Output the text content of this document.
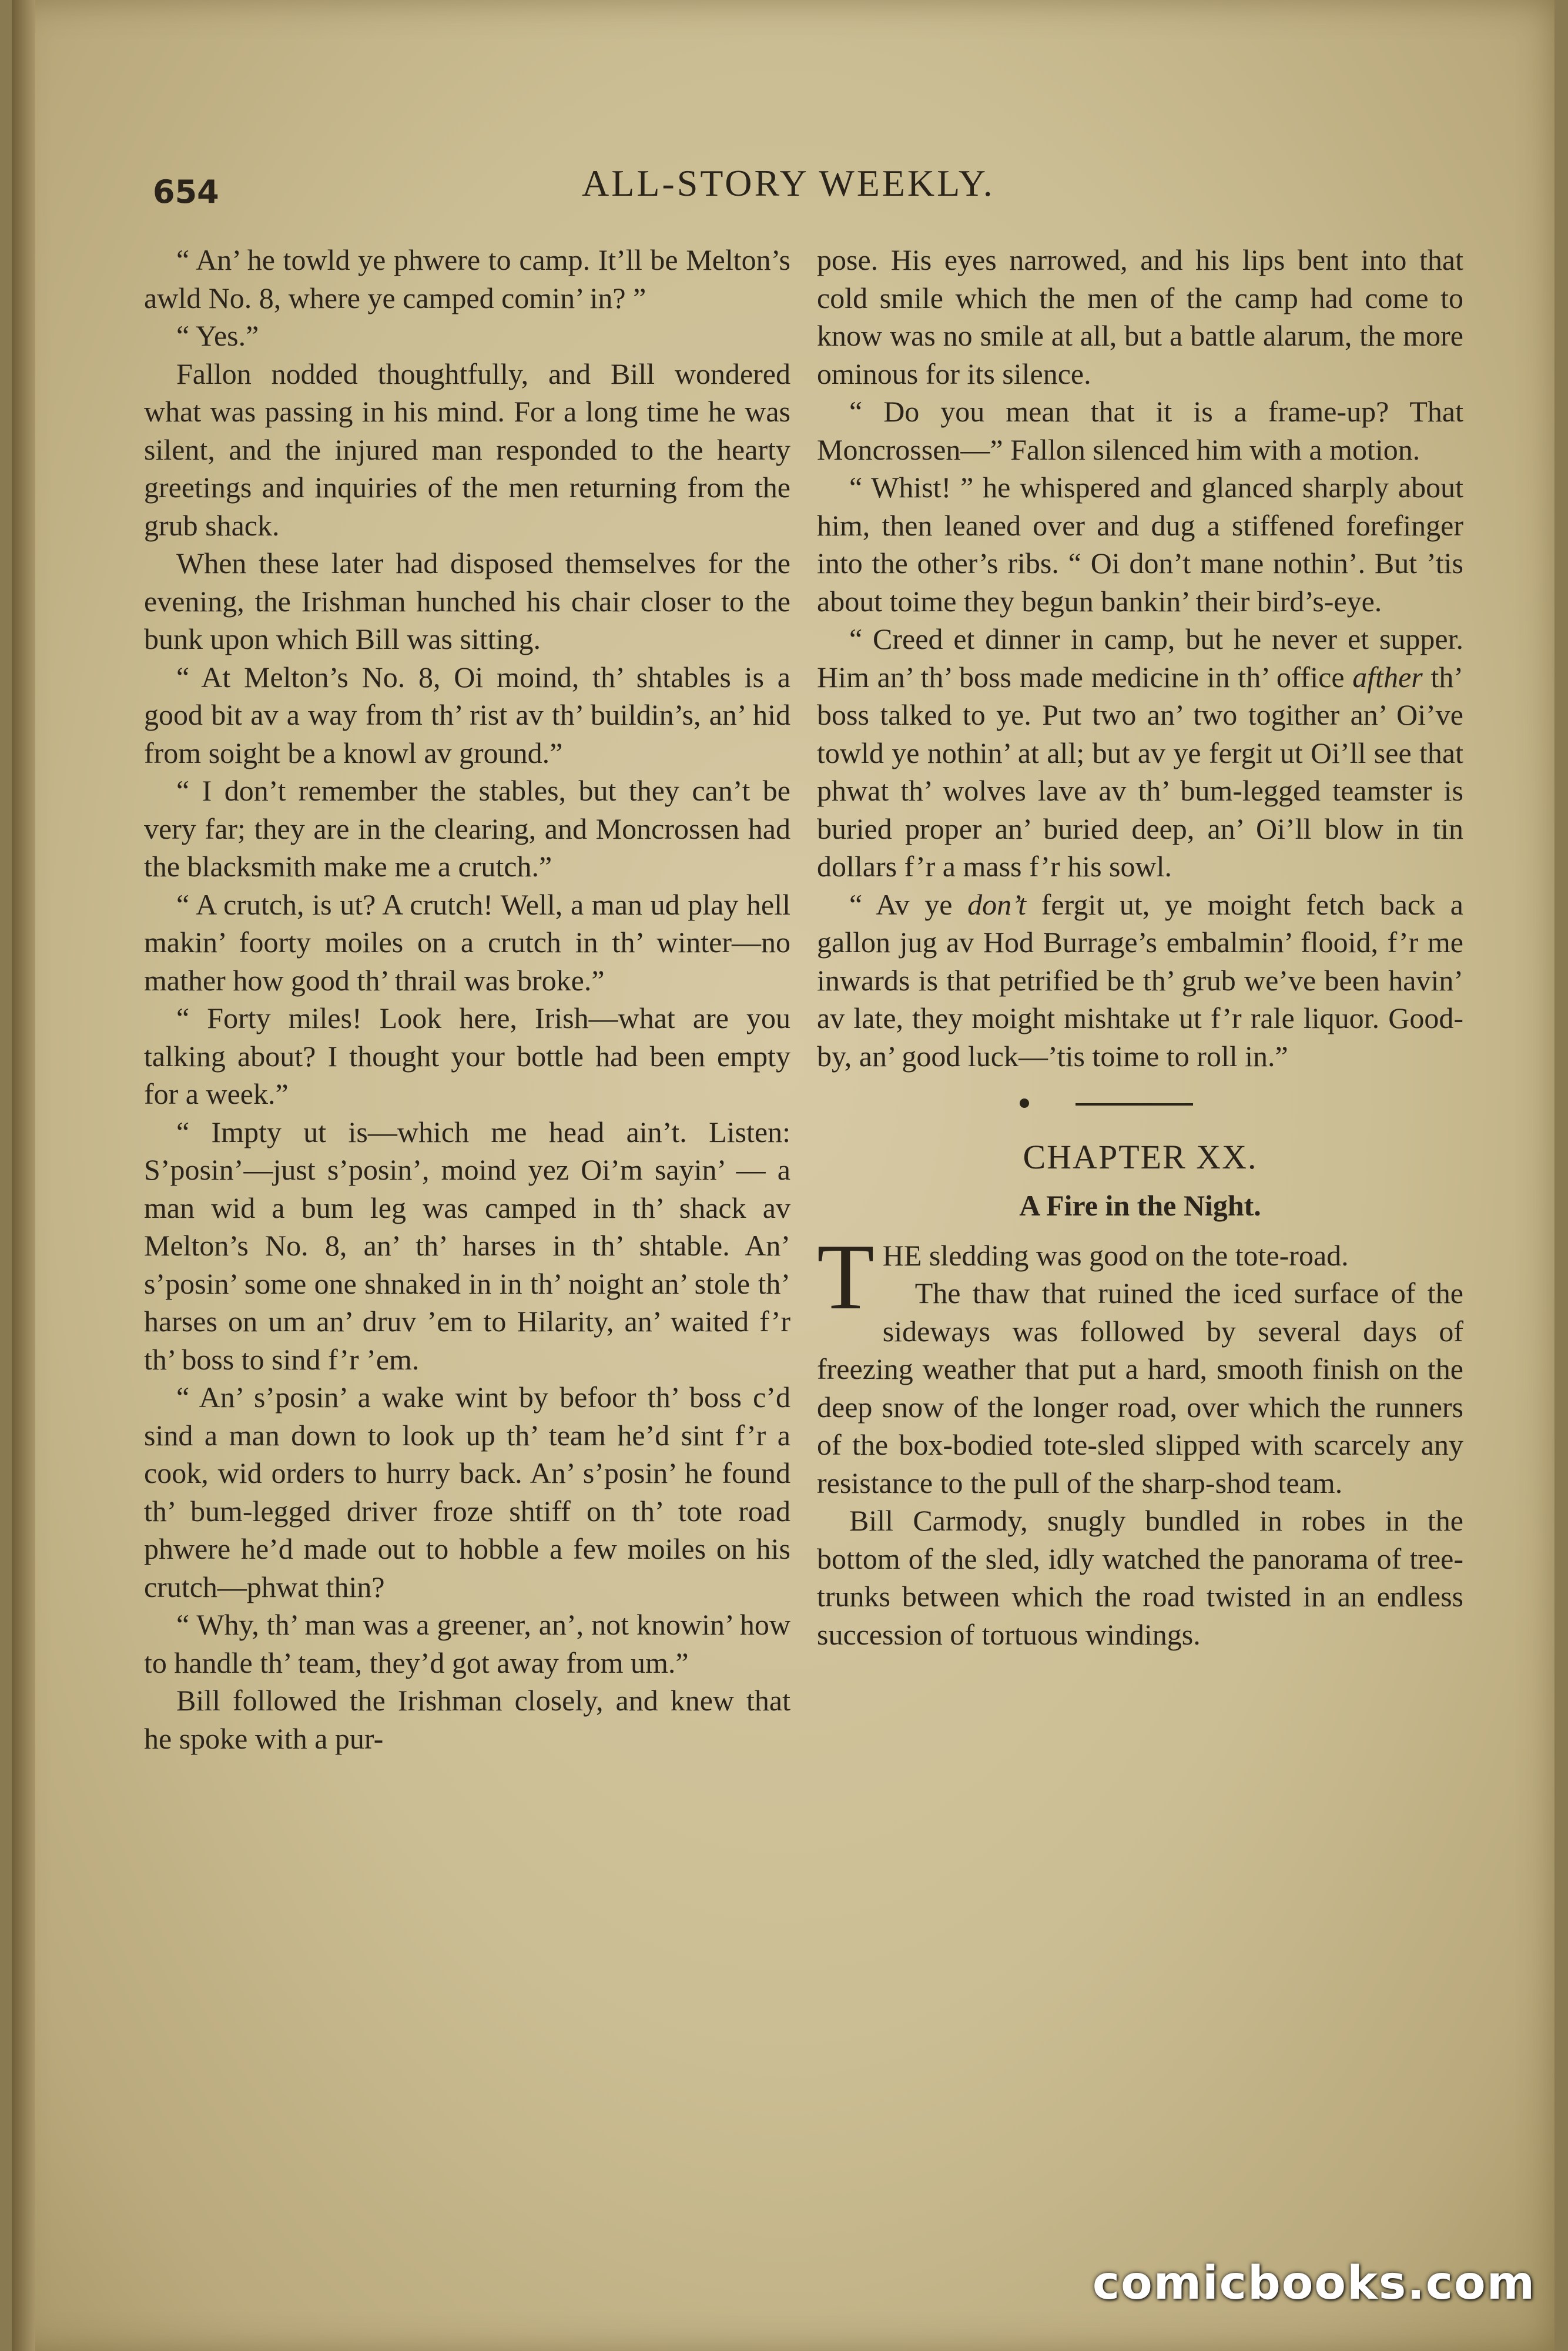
654	ALL-STORY WEEKLY.

“ An’ he towld ye phwere to camp. It’ll be Melton’s awld No. 8, where ye camped comin’ in? ”

“ Yes.”

Fallon nodded thoughtfully, and Bill wondered what was passing in his mind. For a long time he was silent, and the injured man responded to the hearty greetings and inquiries of the men returning from the grub shack.

When these later had disposed themselves for the evening, the Irishman hunched his chair closer to the bunk upon which Bill was sitting.

“ At Melton’s No. 8, Oi moind, th’ shtables is a good bit av a way from th’ rist av th’ buildin’s, an’ hid from soight be a knowl av ground.”

“ I don’t remember the stables, but they can’t be very far; they are in the clearing, and Moncrossen had the blacksmith make me a crutch.”

“ A crutch, is ut? A crutch! Well, a man ud play hell makin’ foorty moiles on a crutch in th’ winter—no mather how good th’ thrail was broke.”

“ Forty miles! Look here, Irish—what are you talking about? I thought your bottle had been empty for a week.”

“ Impty ut is—which me head ain’t. Listen: S’posin’—just s’posin’, moind yez Oi’m sayin’ — a man wid a bum leg was camped in th’ shack av Melton’s No. 8, an’ th’ harses in th’ shtable. An’ s’posin’ some one shnaked in in th’ noight an’ stole th’ harses on um an’ druv ’em to Hilarity, an’ waited f’r th’ boss to sind f’r ’em.

“ An’ s’posin’ a wake wint by befoor th’ boss c’d sind a man down to look up th’ team he’d sint f’r a cook, wid orders to hurry back. An’ s’posin’ he found th’ bum-legged driver froze shtiff on th’ tote road phwere he’d made out to hobble a few moiles on his crutch—phwat thin?

“ Why, th’ man was a greener, an’, not knowin’ how to handle th’ team, they’d got away from um.”

Bill followed the Irishman closely, and knew that he spoke with a pur-

pose. His eyes narrowed, and his lips bent into that cold smile which the men of the camp had come to know was no smile at all, but a battle alarum, the more ominous for its silence.

“ Do you mean that it is a frame-up? That Moncrossen—” Fallon silenced him with a motion.

“ Whist! ” he whispered and glanced sharply about him, then leaned over and dug a stiffened forefinger into the other’s ribs. “ Oi don’t mane nothin’. But ’tis about toime they begun bankin’ their bird’s-eye.

“ Creed et dinner in camp, but he never et supper. Him an’ th’ boss made medicine in th’ office afther th’ boss talked to ye. Put two an’ two togither an’ Oi’ve towld ye nothin’ at all; but av ye fergit ut Oi’ll see that phwat th’ wolves lave av th’ bum-legged teamster is buried proper an’ buried deep, an’ Oi’ll blow in tin dollars f’r a mass f’r his sowl.

“ Av ye don’t fergit ut, ye moight fetch back a gallon jug av Hod Burrage’s embalmin’ flooid, f’r me inwards is that petrified be th’ grub we’ve been havin’ av late, they moight mishtake ut f’r rale liquor. Good-by, an’ good luck—’tis toime to roll in.”

CHAPTER XX.
A Fire in the Night.

THE sledding was good on the tote-road.

The thaw that ruined the iced surface of the sideways was followed by several days of freezing weather that put a hard, smooth finish on the deep snow of the longer road, over which the runners of the box-bodied tote-sled slipped with scarcely any resistance to the pull of the sharp-shod team.

Bill Carmody, snugly bundled in robes in the bottom of the sled, idly watched the panorama of tree-trunks between which the road twisted in an endless succession of tortuous windings.

comicbooks.com
